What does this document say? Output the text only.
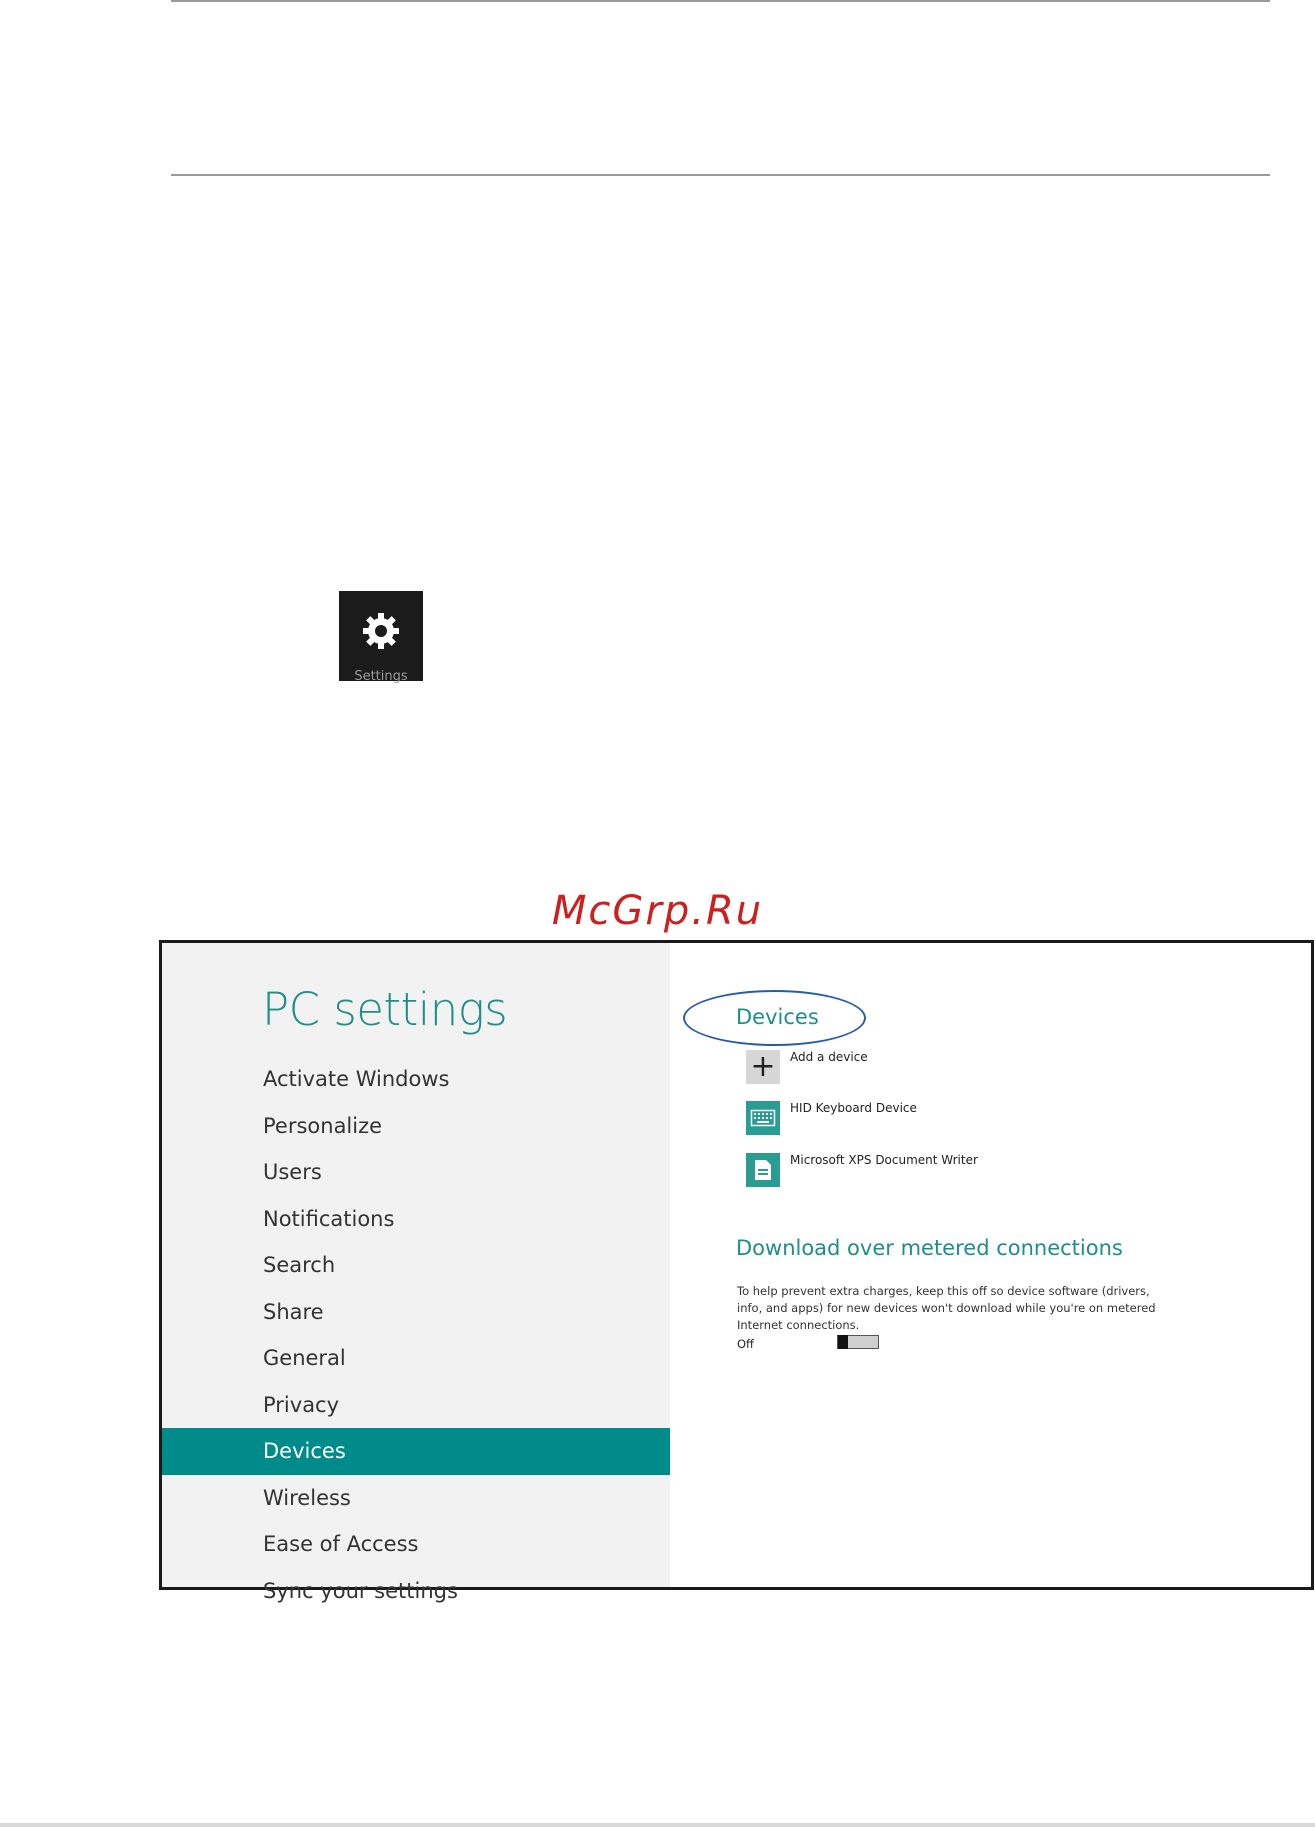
Settings
McGrp.Ru
PC settings
Activate Windows
Personalize
Users
Notifications
Search
Share
General
Privacy
Devices
Wireless
Ease of Access
Sync your settings
Devices
+	Add a device
HID Keyboard Device
Microsoft XPS Document Writer
Download over metered connections
To help prevent extra charges, keep this off so device software (drivers, info, and apps) for new devices won't download while you're on metered Internet connections.
Off
